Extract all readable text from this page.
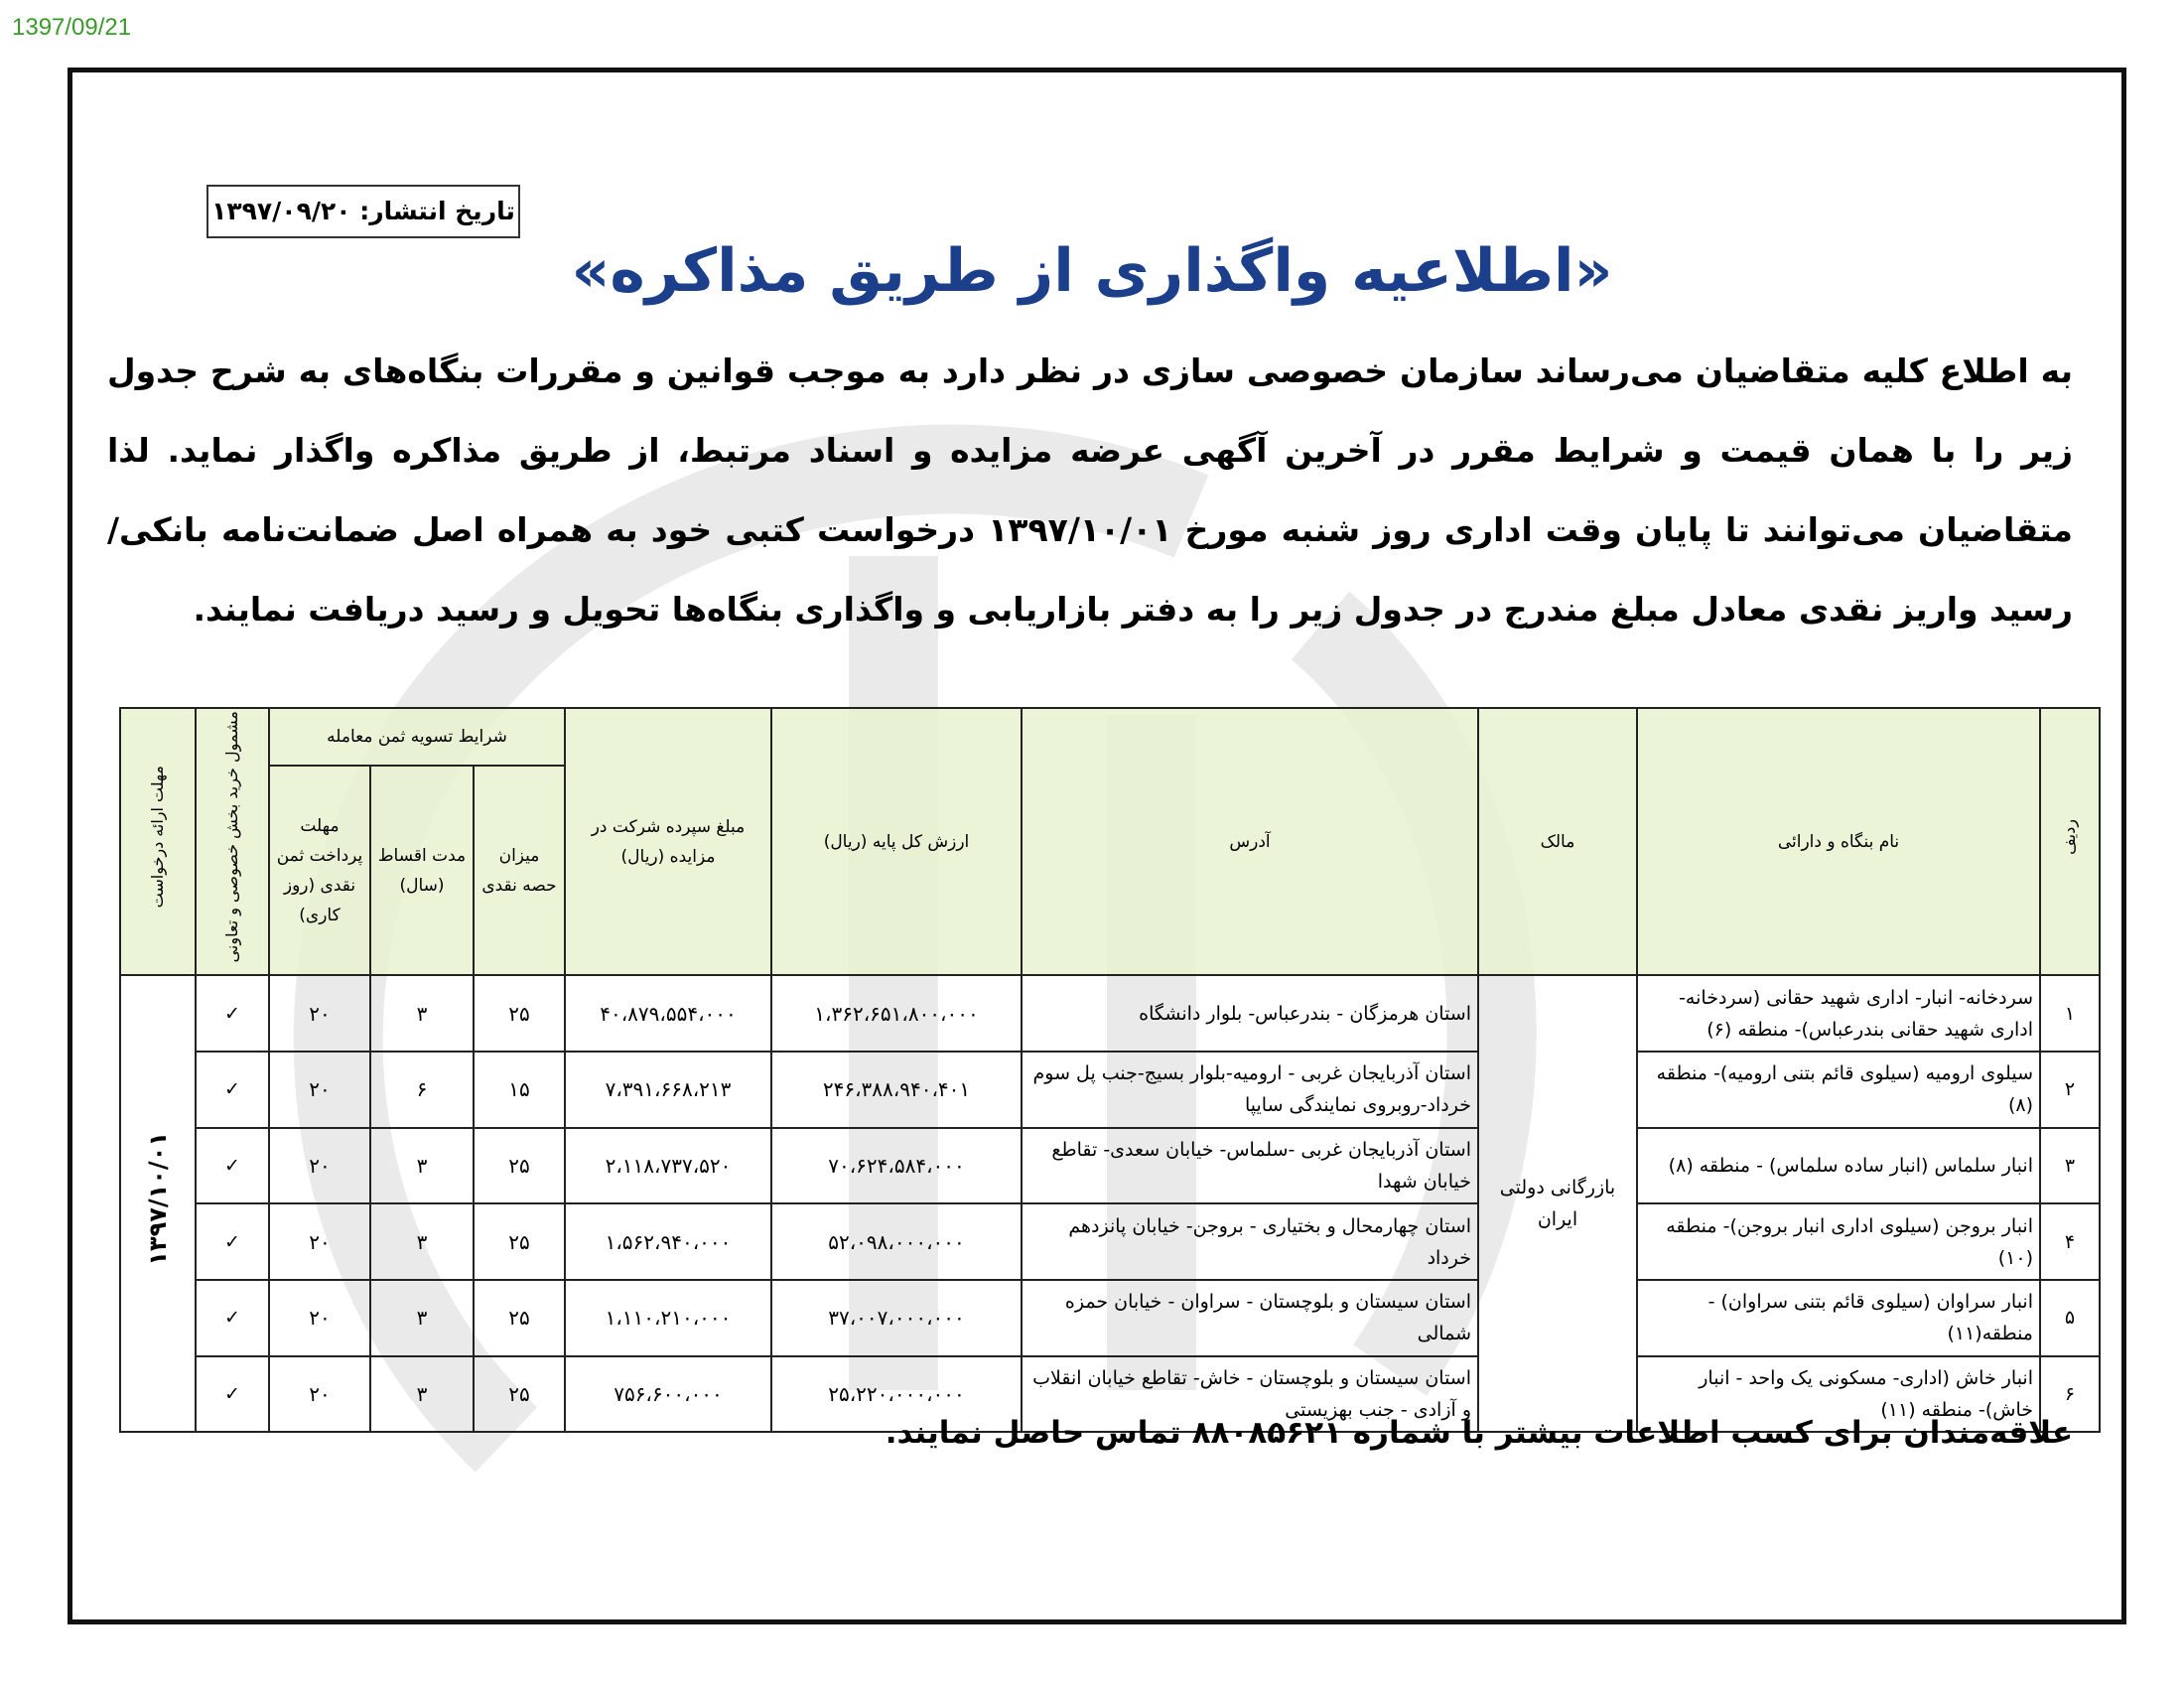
1397/09/21
تاریخ انتشار: ۱۳۹۷/۰۹/۲۰
«اطلاعیه واگذاری از طریق مذاکره»
به اطلاع کلیه متقاضیان می‌رساند سازمان خصوصی سازی در نظر دارد به موجب قوانین و مقررات بنگاه‌های به شرح جدول زیر را با همان قیمت و شرایط مقرر در آخرین آگهی عرضه مزایده و اسناد مرتبط، از طریق مذاکره واگذار نماید. لذا متقاضیان می‌توانند تا پایان وقت اداری روز شنبه مورخ ۱۳۹۷/۱۰/۰۱ درخواست کتبی خود به همراه اصل ضمانت‌نامه بانکی/رسید واریز نقدی معادل مبلغ مندرج در جدول زیر را به دفتر بازاریابی و واگذاری بنگاه‌ها تحویل و رسید دریافت نمایند.
ردیف	نام بنگاه و دارائی	مالک	آدرس	ارزش کل پایه (ریال)	مبلغ سپرده شرکت در مزایده (ریال)	شرایط تسویه ثمن معامله			مشمول خرید بخش خصوصی و تعاونی	مهلت ارائه درخواست
						میزان حصه نقدی	مدت اقساط (سال)	مهلت پرداخت ثمن نقدی (روز کاری)		
۱	سردخانه- انبار- اداری شهید حقانی (سردخانه- اداری شهید حقانی بندرعباس)- منطقه (۶)	بازرگانی دولتی ایران	استان هرمزگان - بندرعباس- بلوار دانشگاه	۱،۳۶۲،۶۵۱،۸۰۰،۰۰۰	۴۰،۸۷۹،۵۵۴،۰۰۰	۲۵	۳	۲۰	✓	۱۳۹۷/۱۰/۰۱
۲	سیلوی ارومیه (سیلوی قائم بتنی ارومیه)- منطقه (۸)		استان آذربایجان غربی - ارومیه-بلوار بسیج-جنب پل سوم خرداد-روبروی نمایندگی سایپا	۲۴۶،۳۸۸،۹۴۰،۴۰۱	۷،۳۹۱،۶۶۸،۲۱۳	۱۵	۶	۲۰	✓	
۳	انبار سلماس (انبار ساده سلماس) - منطقه (۸)		استان آذربایجان غربی -سلماس- خیابان سعدی- تقاطع خیابان شهدا	۷۰،۶۲۴،۵۸۴،۰۰۰	۲،۱۱۸،۷۳۷،۵۲۰	۲۵	۳	۲۰	✓	
۴	انبار بروجن (سیلوی اداری انبار بروجن)- منطقه (۱۰)		استان چهارمحال و بختیاری - بروجن- خیابان پانزدهم خرداد	۵۲،۰۹۸،۰۰۰،۰۰۰	۱،۵۶۲،۹۴۰،۰۰۰	۲۵	۳	۲۰	✓	
۵	انبار سراوان (سیلوی قائم بتنی سراوان) - منطقه(۱۱)		استان سیستان و بلوچستان - سراوان - خیابان حمزه شمالی	۳۷،۰۰۷،۰۰۰،۰۰۰	۱،۱۱۰،۲۱۰،۰۰۰	۲۵	۳	۲۰	✓	
۶	انبار خاش (اداری- مسکونی یک واحد - انبار خاش)- منطقه (۱۱)		استان سیستان و بلوچستان - خاش- تقاطع خیابان انقلاب و آزادی - جنب بهزیستی	۲۵،۲۲۰،۰۰۰،۰۰۰	۷۵۶،۶۰۰،۰۰۰	۲۵	۳	۲۰	✓	
علاقه‌مندان برای کسب اطلاعات بیشتر با شماره ۸۸۰۸۵۶۲۱ تماس حاصل نمایند.
